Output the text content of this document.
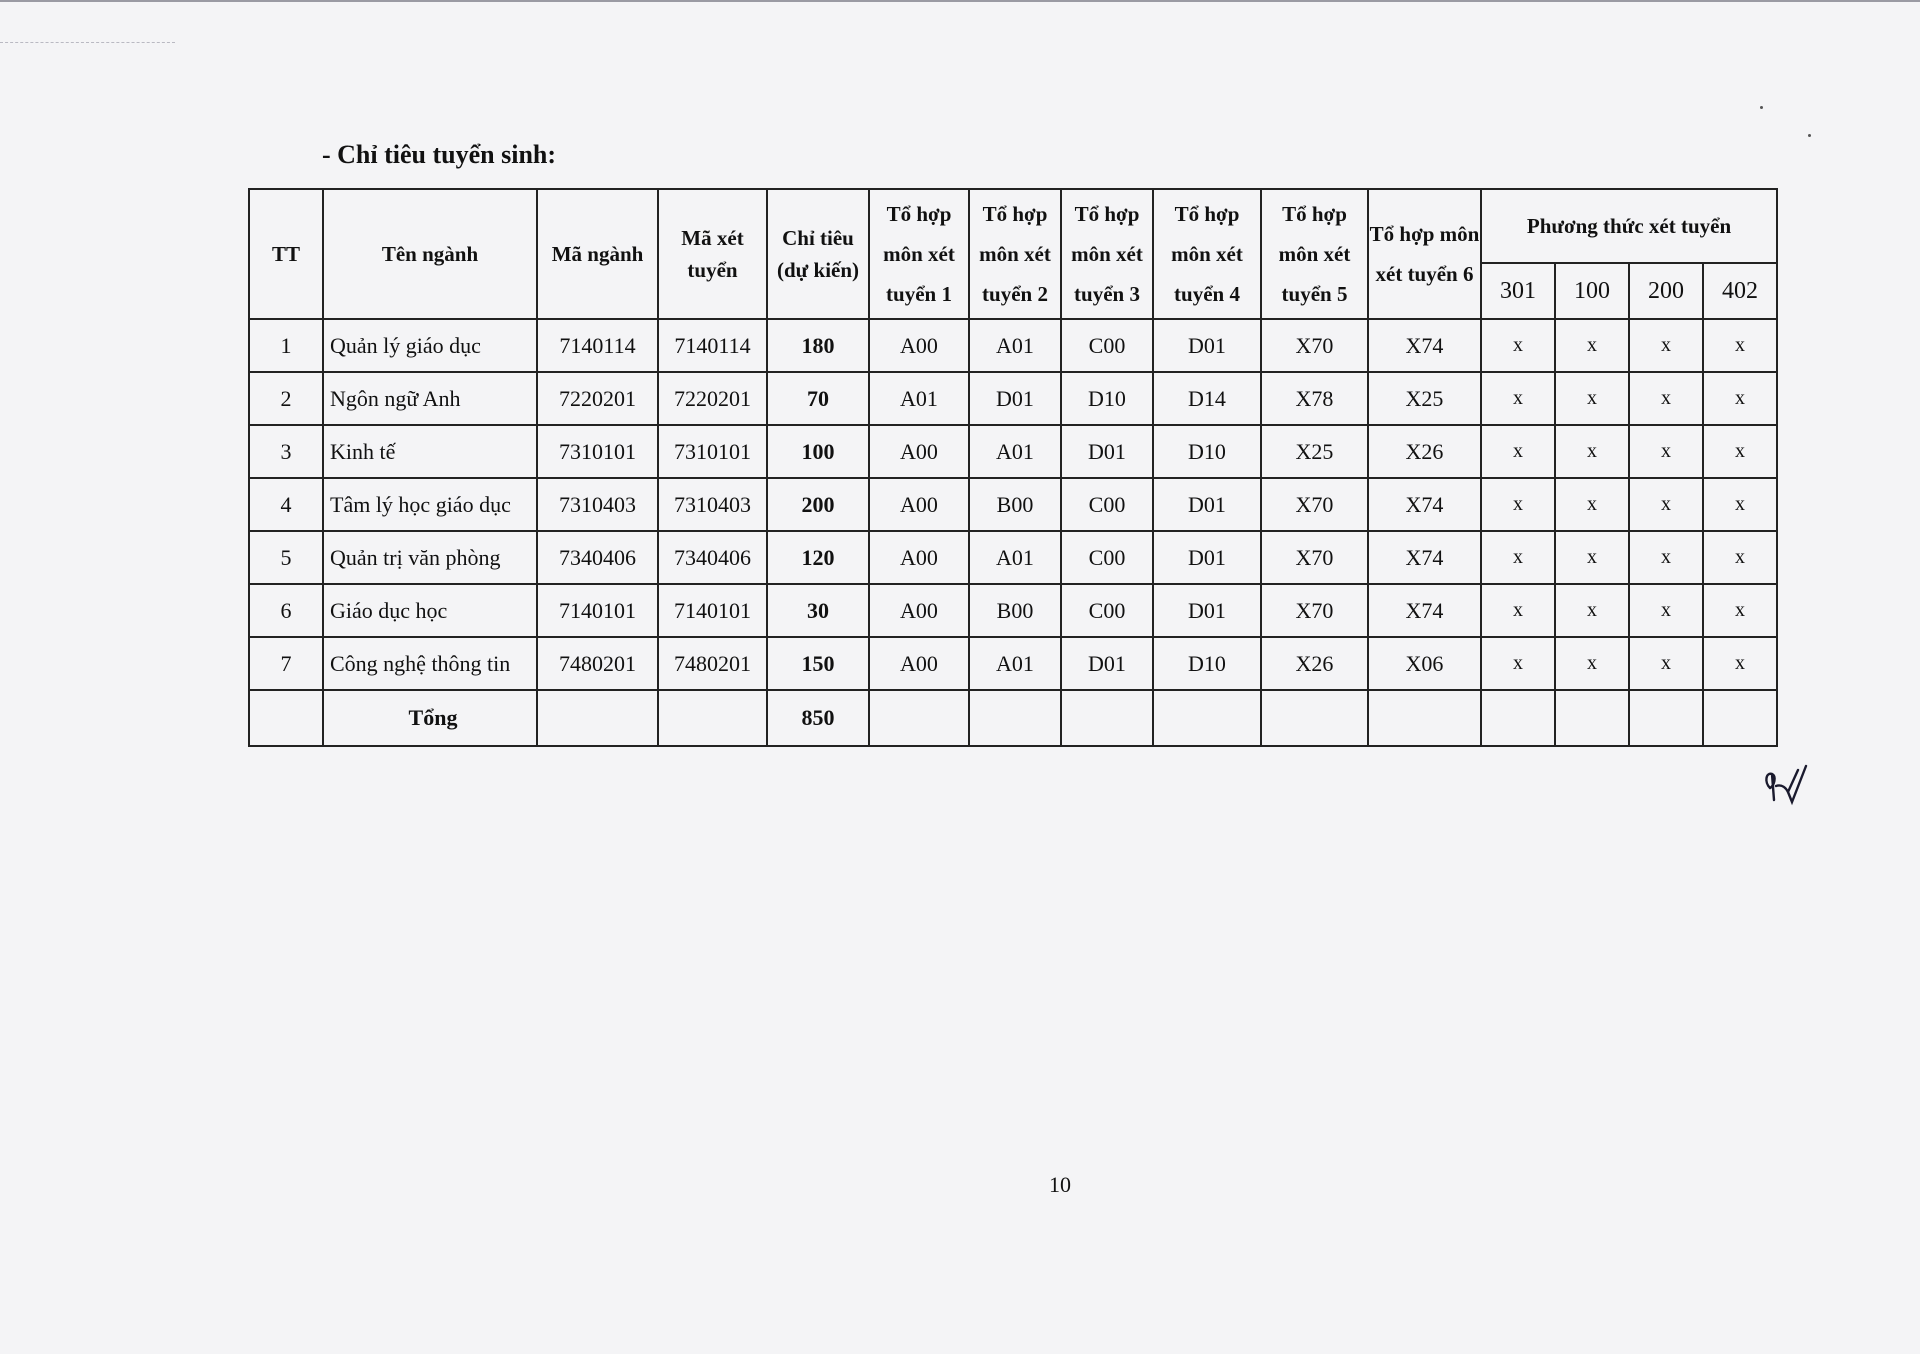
- Chỉ tiêu tuyển sinh:
TT	Tên ngành	Mã ngành	Mã xét tuyển	Chỉ tiêu (dự kiến)	Tổ hợp môn xét tuyển 1	Tổ hợp môn xét tuyển 2	Tổ hợp môn xét tuyển 3	Tổ hợp môn xét tuyển 4	Tổ hợp môn xét tuyển 5	Tổ hợp môn xét tuyển 6	Phương thức xét tuyển			
											301	100	200	402
1	Quản lý giáo dục	7140114	7140114	180	A00	A01	C00	D01	X70	X74	x	x	x	x
2	Ngôn ngữ Anh	7220201	7220201	70	A01	D01	D10	D14	X78	X25	x	x	x	x
3	Kinh tế	7310101	7310101	100	A00	A01	D01	D10	X25	X26	x	x	x	x
4	Tâm lý học giáo dục	7310403	7310403	200	A00	B00	C00	D01	X70	X74	x	x	x	x
5	Quản trị văn phòng	7340406	7340406	120	A00	A01	C00	D01	X70	X74	x	x	x	x
6	Giáo dục học	7140101	7140101	30	A00	B00	C00	D01	X70	X74	x	x	x	x
7	Công nghệ thông tin	7480201	7480201	150	A00	A01	D01	D10	X26	X06	x	x	x	x
	Tổng			850										
10
